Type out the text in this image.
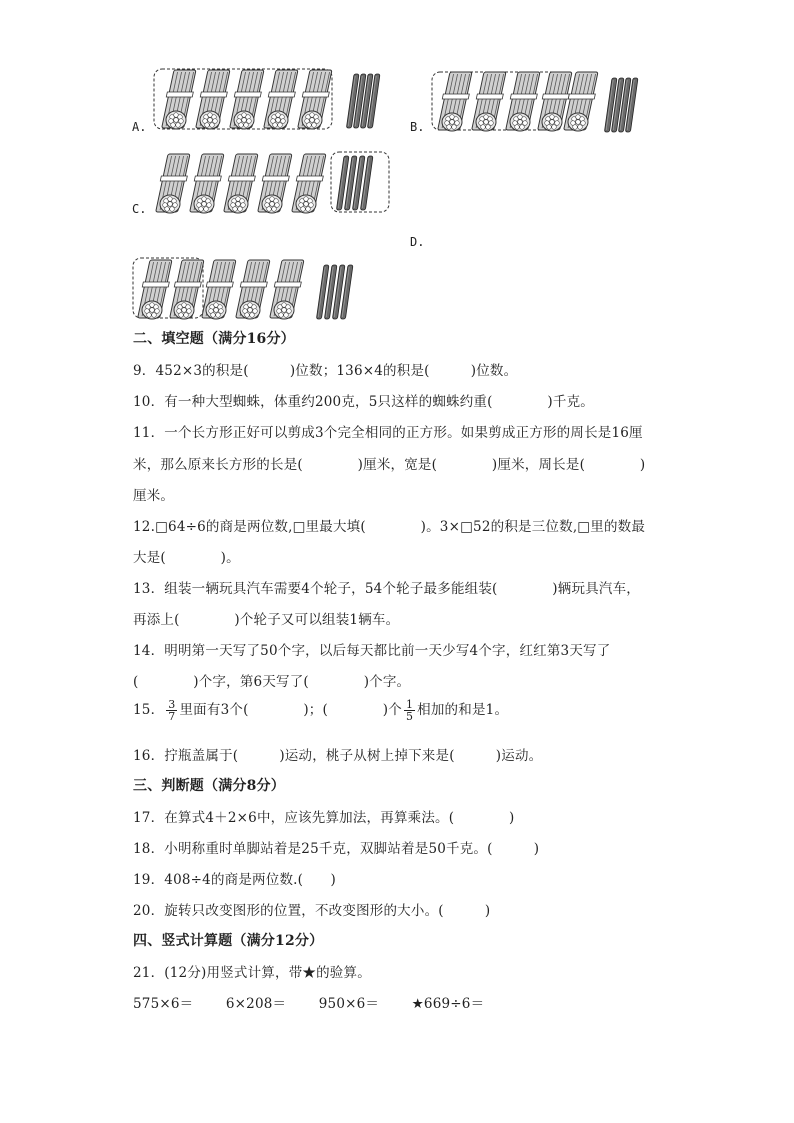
A.	B.
C.
D.
二、填空题（满分16分）
9．452×3的积是(　　　)位数；136×4的积是(　　　)位数。
10．有一种大型蜘蛛，体重约200克，5只这样的蜘蛛约重(　　　　)千克。
11．一个长方形正好可以剪成3个完全相同的正方形。如果剪成正方形的周长是16厘
米，那么原来长方形的长是(　　　　)厘米，宽是(　　　　)厘米，周长是(　　　　)
厘米。
12.□64÷6的商是两位数,□里最大填(　　　　)。3×□52的积是三位数,□里的数最
大是(　　　　)。
13．组装一辆玩具汽车需要4个轮子，54个轮子最多能组装(　　　　)辆玩具汽车，
再添上(　　　　)个轮子又可以组装1辆车。
14．明明第一天写了50个字，以后每天都比前一天少写4个字，红红第3天写了
(　　　　)个字，第6天写了(　　　　)个字。
15． $\frac{3}{7}$ 里面有3个(　　　　)；(　　　　)个 $\frac{1}{5}$ 相加的和是1。
16．拧瓶盖属于(　　　)运动，桃子从树上掉下来是(　　　)运动。
三、判断题（满分8分）
17．在算式4＋2×6中，应该先算加法，再算乘法。(　　　　)
18．小明称重时单脚站着是25千克，双脚站着是50千克。(　　　)
19．408÷4的商是两位数.(　　)
20．旋转只改变图形的位置，不改变图形的大小。(　　　)
四、竖式计算题（满分12分）
21．(12分)用竖式计算，带★的验算。
575×6＝ 6×208＝ 950×6＝ ★669÷6＝
